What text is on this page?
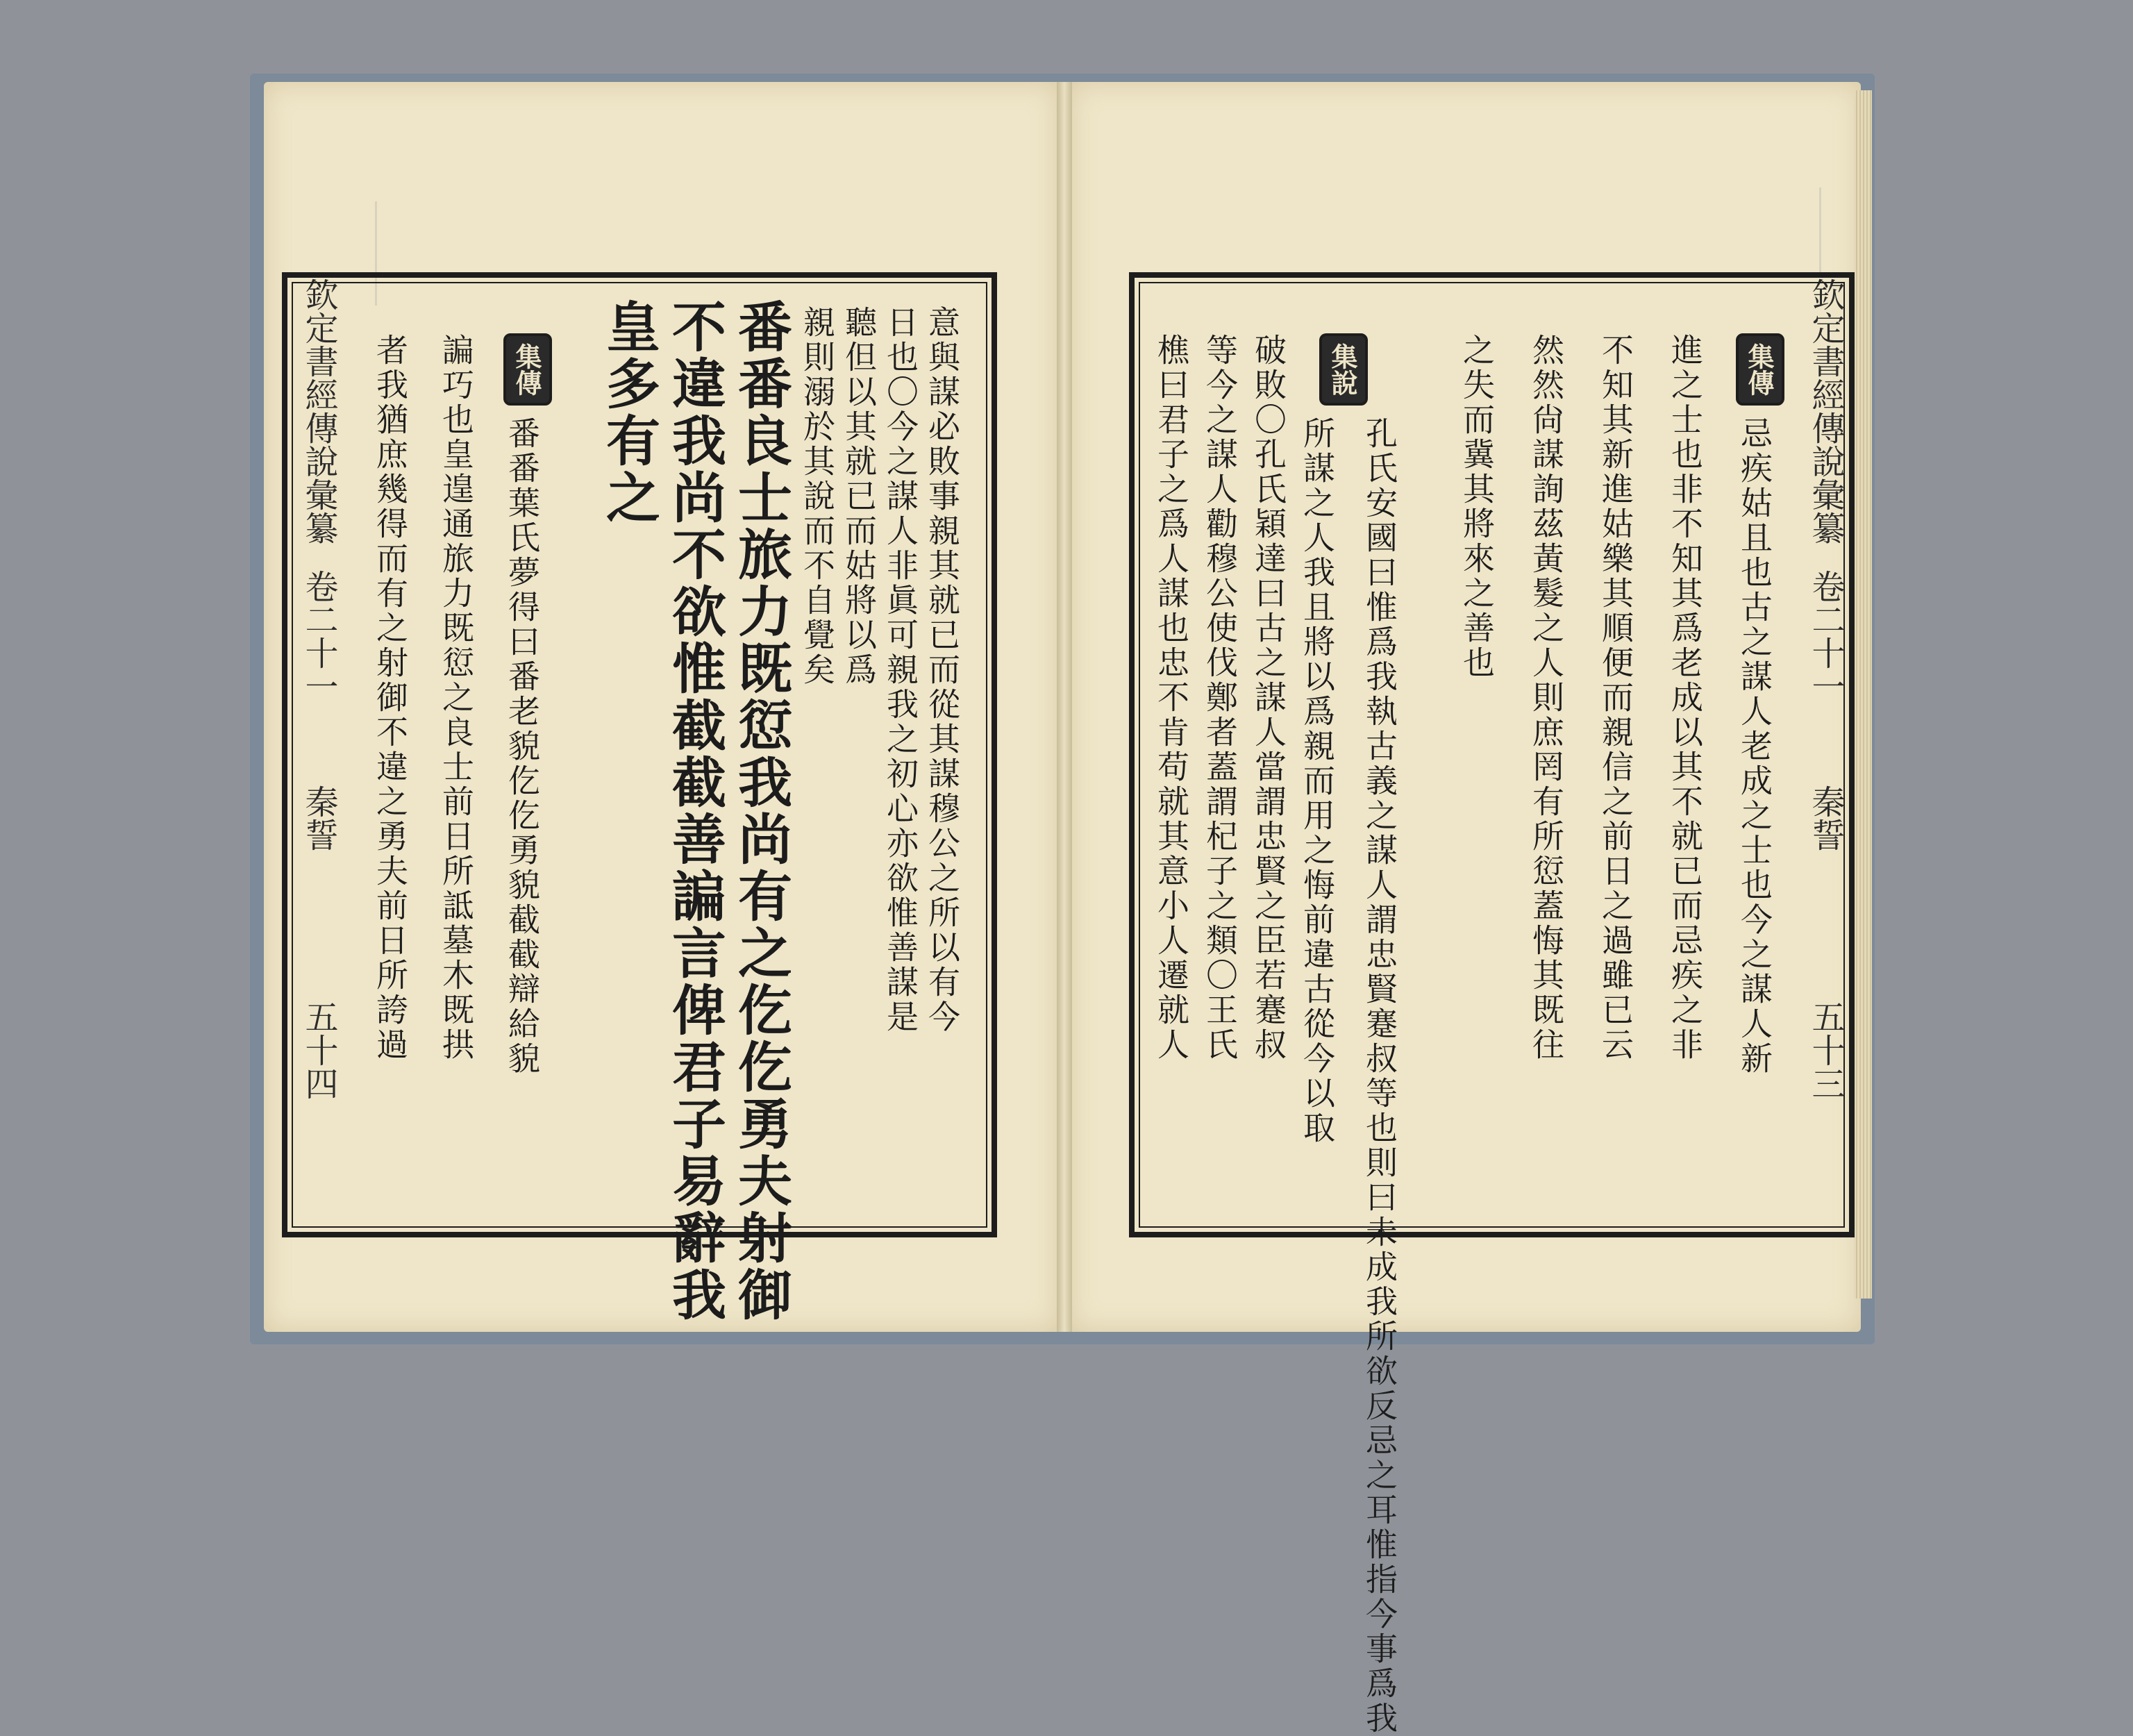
欽定書經傳說彙纂
卷二十一
秦誓
五十四
意與謀必敗事親其就已而從其謀穆公之所以有今
日也〇今之謀人非眞可親我之初心亦欲惟善謀是
聽但以其就已而姑將以爲
親則溺於其說而不自覺矣
番番良士旅力既愆我尚有之仡仡勇夫射御
不違我尚不欲惟截截善諞言俾君子易辭我
皇多有之
集傳
番番葉氏夢得曰番老貌仡仡勇貌截截辯給貌
諞巧也皇遑通旅力既愆之良士前日所詆墓木既拱
者我猶庶幾得而有之射御不違之勇夫前日所誇過	欽定書經傳說彙纂
卷二十一
秦誓
五十三
集傳
忌疾姑且也古之謀人老成之士也今之謀人新
進之士也非不知其爲老成以其不就已而忌疾之非
不知其新進姑樂其順便而親信之前日之過雖已云
然然尙謀詢茲黃髮之人則庶罔有所愆蓋悔其既往
之失而冀其將來之善也
集說
孔氏安國曰惟爲我執古義之謀人謂忠賢蹇叔等也則曰未成我所欲反忌之耳惟指今事爲我
所謀之人我且將以爲親而用之悔前違古從今以取
破敗〇孔氏穎達曰古之謀人當謂忠賢之臣若蹇叔
等今之謀人勸穆公使伐鄭者蓋謂杞子之類〇王氏
樵曰君子之爲人謀也忠不肯苟就其意小人遷就人
